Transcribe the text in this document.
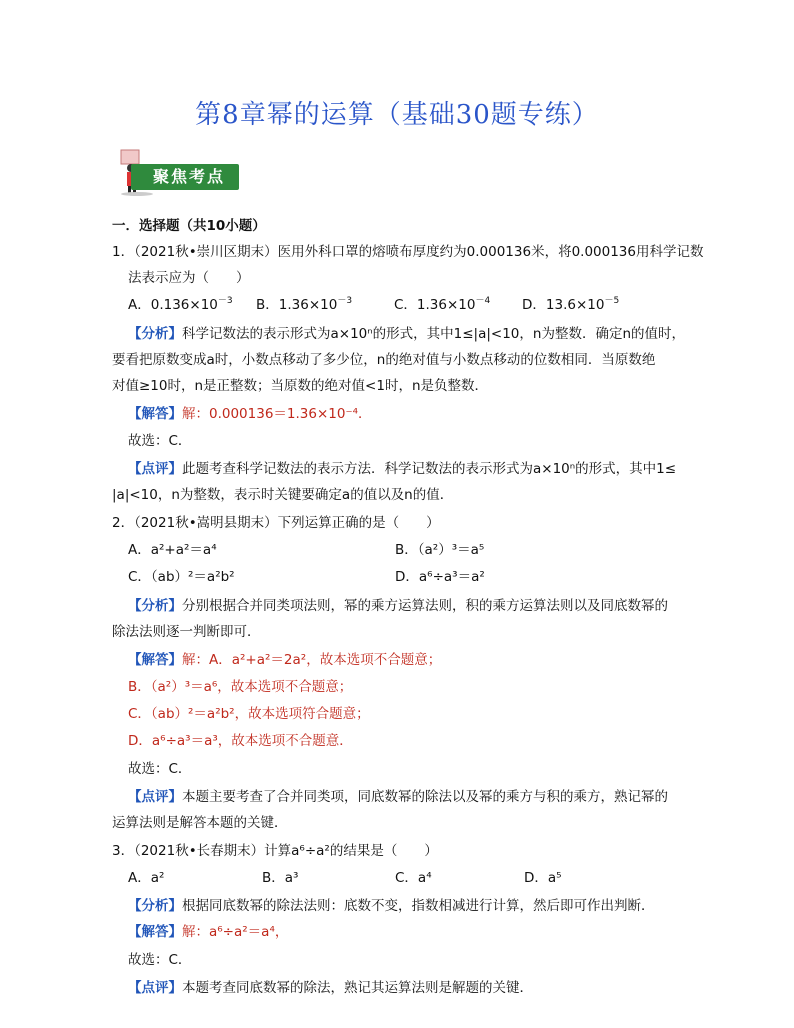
第8章幂的运算（基础30题专练）
聚焦考点
一．选择题（共10小题）
1．（2021秋•崇川区期末）医用外科口罩的熔喷布厚度约为0.000136米，将0.000136用科学记数
法表示应为（　　）
A．$0.136\times 10^{-3}$ B．$1.36\times 10^{-3}$	C．$1.36\times 10^{-4}$ D．$13.6\times 10^{-5}$
【分析】科学记数法的表示形式为a×10ⁿ的形式，其中1≤|a|<10，n为整数．确定n的值时，
要看把原数变成a时，小数点移动了多少位，n的绝对值与小数点移动的位数相同．当原数绝
对值≥10时，n是正整数；当原数的绝对值<1时，n是负整数．
【解答】解：0.000136＝1.36×10⁻⁴．
故选：C．
【点评】此题考查科学记数法的表示方法．科学记数法的表示形式为a×10ⁿ的形式，其中1≤
|a|<10，n为整数，表示时关键要确定a的值以及n的值．
2．（2021秋•嵩明县期末）下列运算正确的是（　　）
A．a²+a²＝a⁴	B．（a²）³＝a⁵
C．（ab）²＝a²b²	D．a⁶÷a³＝a²
【分析】分别根据合并同类项法则，幂的乘方运算法则，积的乘方运算法则以及同底数幂的
除法法则逐一判断即可．
【解答】解：A．a²+a²＝2a²，故本选项不合题意；
B．（a²）³＝a⁶，故本选项不合题意；
C．（ab）²＝a²b²，故本选项符合题意；
D．a⁶÷a³＝a³，故本选项不合题意．
故选：C．
【点评】本题主要考查了合并同类项，同底数幂的除法以及幂的乘方与积的乘方，熟记幂的
运算法则是解答本题的关键．
3．（2021秋•长春期末）计算a⁶÷a²的结果是（　　）
A．a²	B．a³	C．a⁴	D．a⁵
【分析】根据同底数幂的除法法则：底数不变，指数相减进行计算，然后即可作出判断．
【解答】解：a⁶÷a²＝a⁴，
故选：C．
【点评】本题考查同底数幂的除法，熟记其运算法则是解题的关键．
